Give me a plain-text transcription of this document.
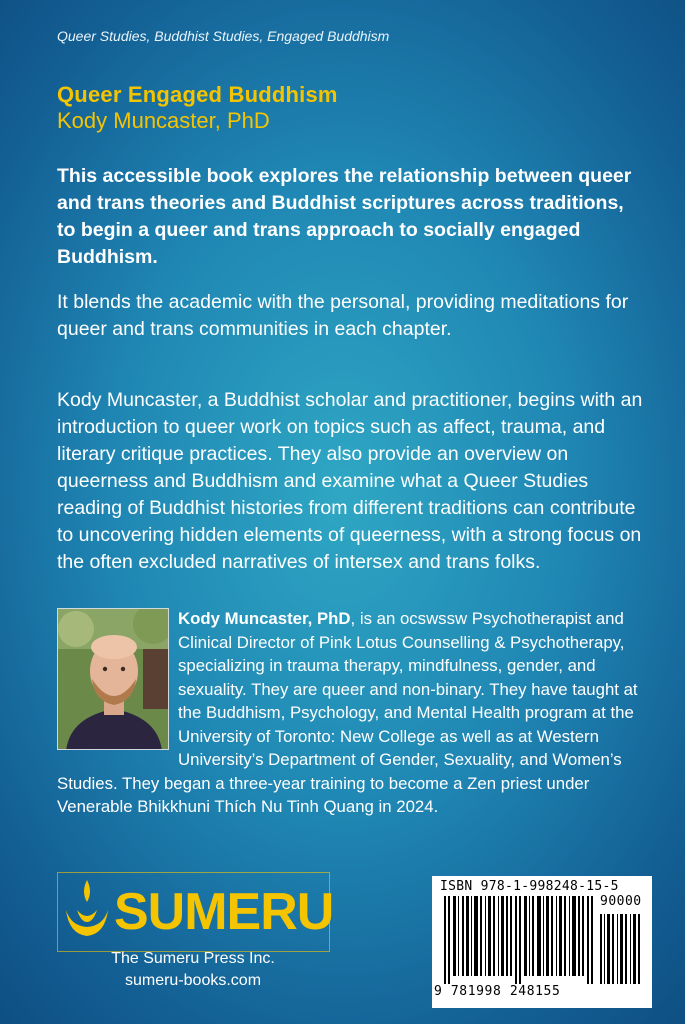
Queer Studies, Buddhist Studies, Engaged Buddhism
Queer Engaged Buddhism
Kody Muncaster, PhD

This accessible book explores the relationship between queer and trans theories and Buddhist scriptures across traditions, to begin a queer and trans approach to socially engaged Buddhism.

It blends the academic with the personal, providing meditations for queer and trans communities in each chapter.

Kody Muncaster, a Buddhist scholar and practitioner, begins with an introduction to queer work on topics such as affect, trauma, and literary critique practices. They also provide an overview on queerness and Buddhism and examine what a Queer Studies reading of Buddhist histories from different traditions can contribute to uncovering hidden elements of queerness, with a strong focus on the often excluded narratives of intersex and trans folks.

Kody Muncaster, PhD, is an ocswssw Psychotherapist and Clinical Director of Pink Lotus Counselling & Psychotherapy, specializing in trauma therapy, mindfulness, gender, and sexuality. They are queer and non-binary. They have taught at the Buddhism, Psychology, and Mental Health program at the University of Toronto: New College as well as at Western University’s Department of Gender, Sexuality, and Women’s Studies. They began a three-year training to become a Zen priest under Venerable Bhikkhuni Thích Nu Tinh Quang in 2024.

SUMERU
The Sumeru Press Inc.
sumeru-books.com
ISBN 978-1-998248-15-5
90000
9 781998 248155
